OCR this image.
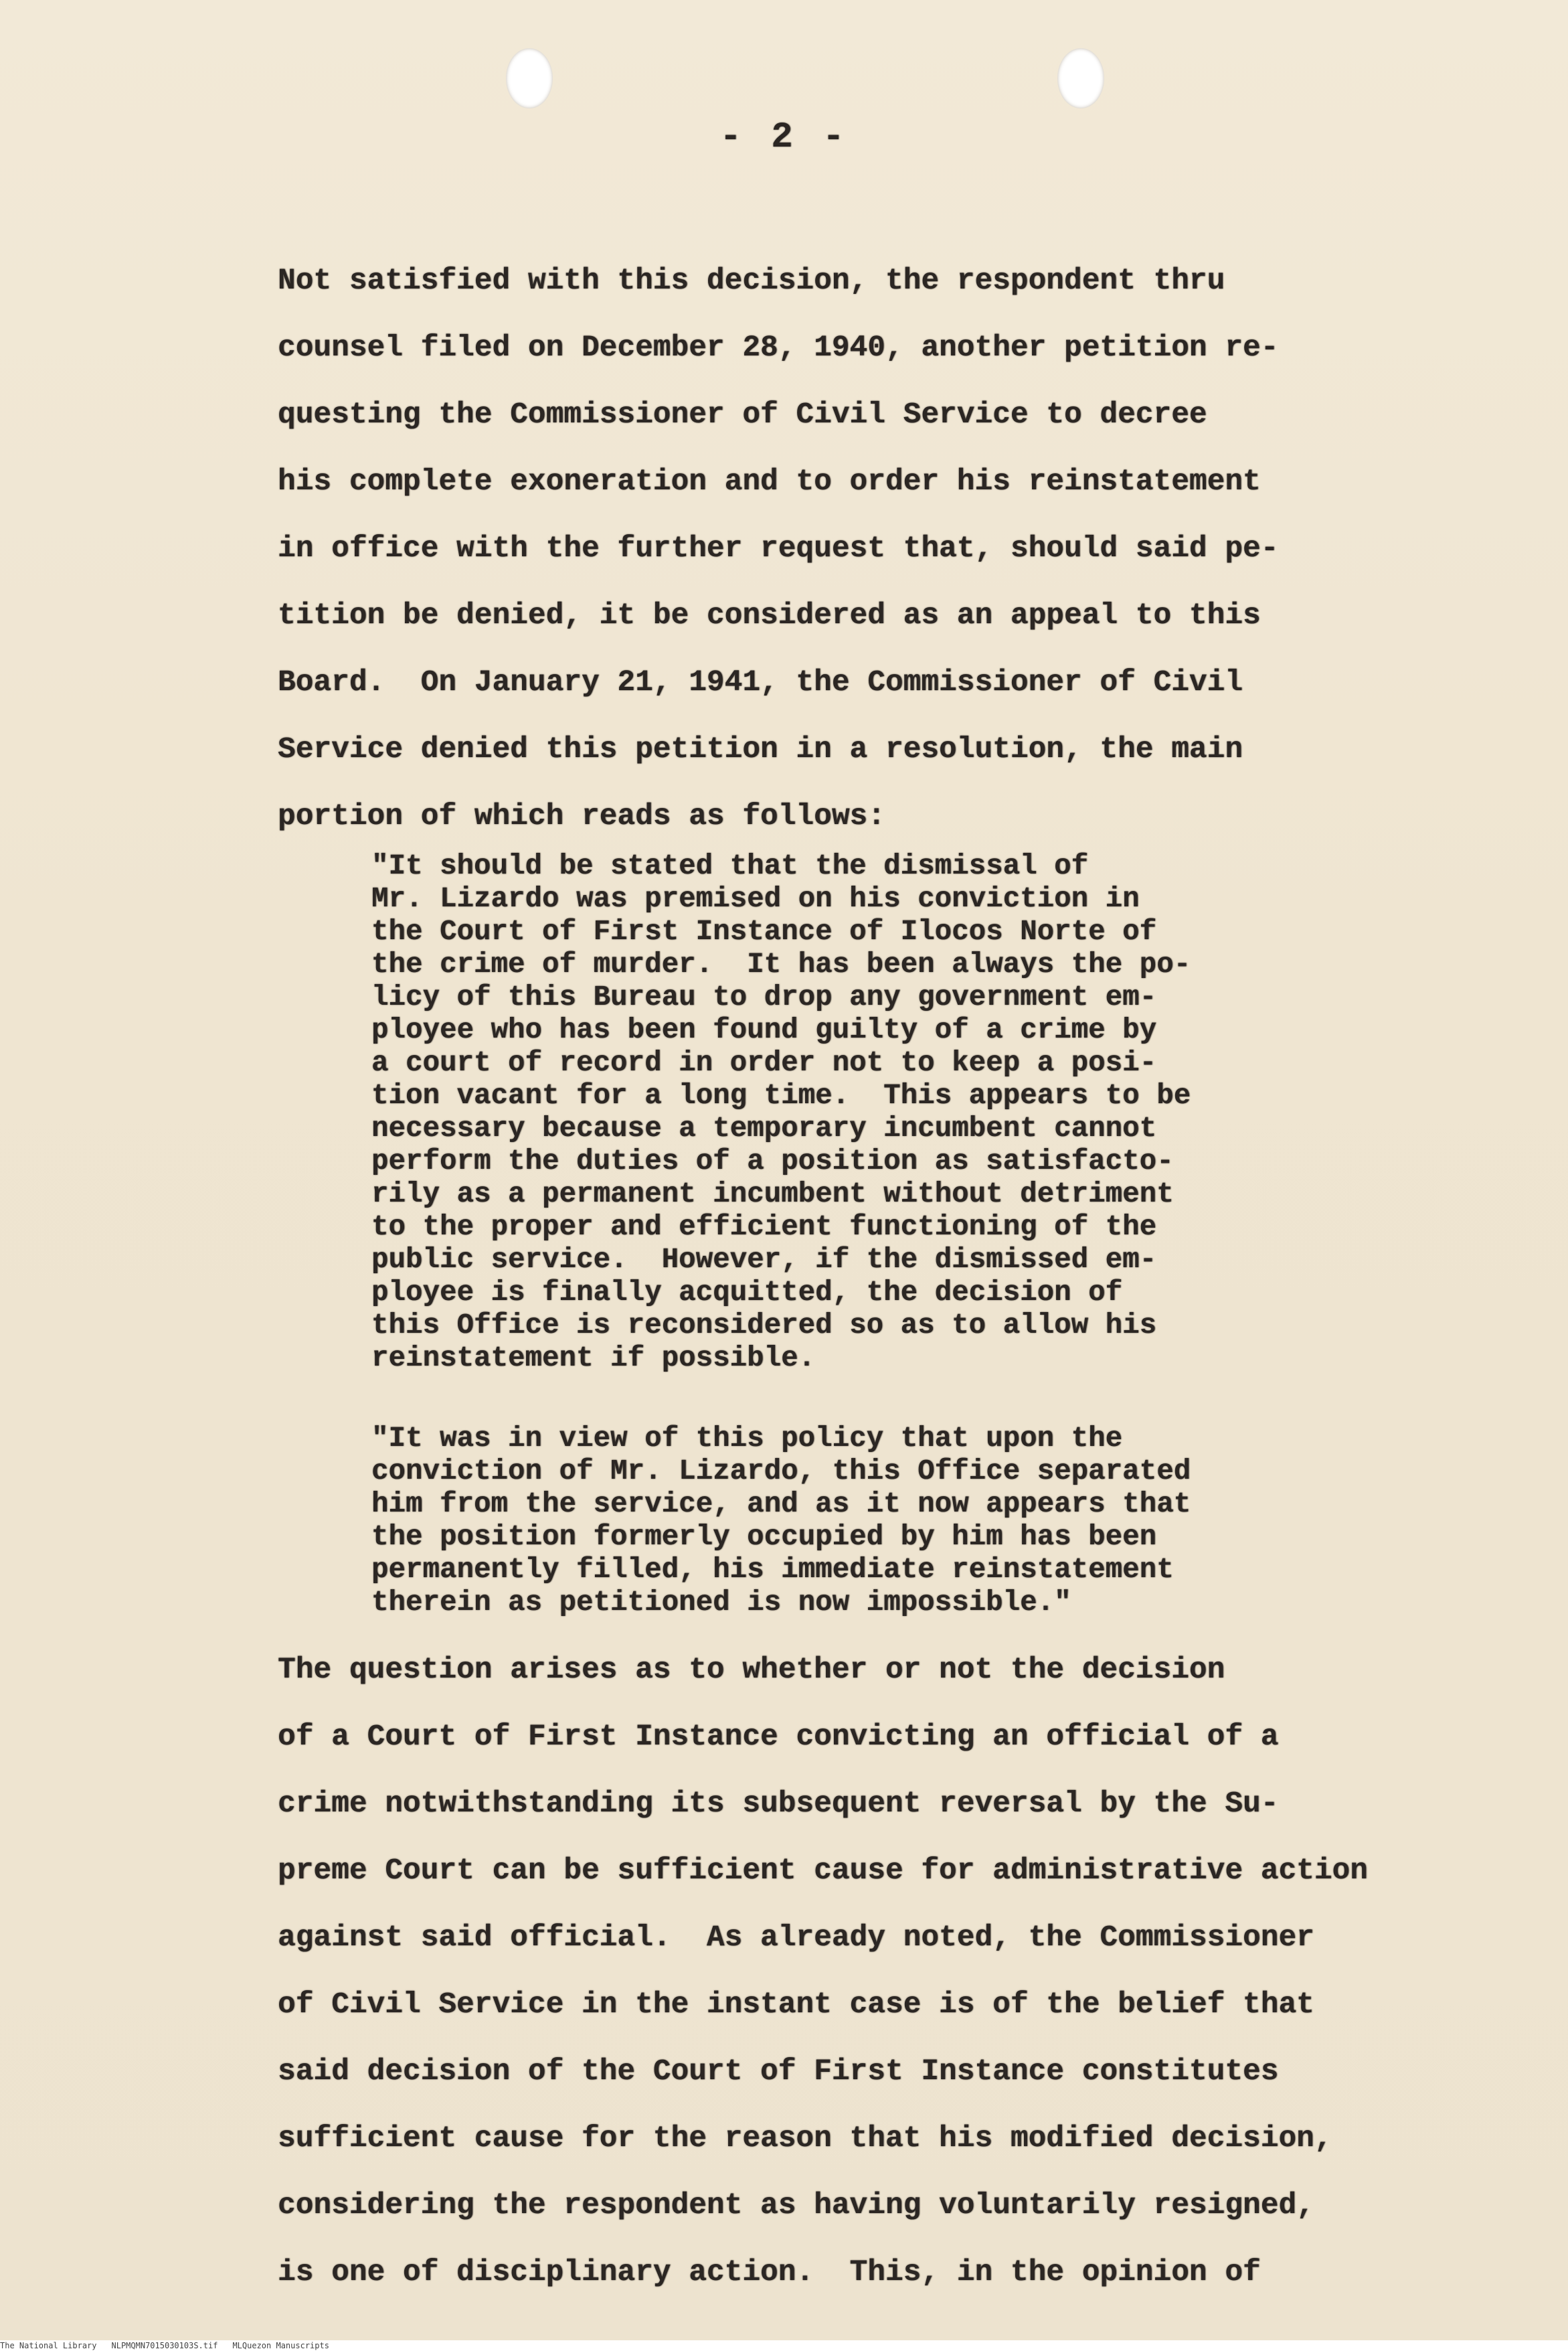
- 2 -
Not satisfied with this decision, the respondent thru
counsel filed on December 28, 1940, another petition re-
questing the Commissioner of Civil Service to decree
his complete exoneration and to order his reinstatement
in office with the further request that, should said pe-
tition be denied, it be considered as an appeal to this
Board.  On January 21, 1941, the Commissioner of Civil
Service denied this petition in a resolution, the main
portion of which reads as follows:
"It should be stated that the dismissal of
Mr. Lizardo was premised on his conviction in
the Court of First Instance of Ilocos Norte of
the crime of murder.  It has been always the po-
licy of this Bureau to drop any government em-
ployee who has been found guilty of a crime by
a court of record in order not to keep a posi-
tion vacant for a long time.  This appears to be
necessary because a temporary incumbent cannot
perform the duties of a position as satisfacto-
rily as a permanent incumbent without detriment
to the proper and efficient functioning of the
public service.  However, if the dismissed em-
ployee is finally acquitted, the decision of
this Office is reconsidered so as to allow his
reinstatement if possible.
"It was in view of this policy that upon the
conviction of Mr. Lizardo, this Office separated
him from the service, and as it now appears that
the position formerly occupied by him has been
permanently filled, his immediate reinstatement
therein as petitioned is now impossible."
The question arises as to whether or not the decision
of a Court of First Instance convicting an official of a
crime notwithstanding its subsequent reversal by the Su-
preme Court can be sufficient cause for administrative action
against said official.  As already noted, the Commissioner
of Civil Service in the instant case is of the belief that
said decision of the Court of First Instance constitutes
sufficient cause for the reason that his modified decision,
considering the respondent as having voluntarily resigned,
is one of disciplinary action.  This, in the opinion of
The National Library NLPMQMN7015030103S.tif MLQuezon Manuscripts
